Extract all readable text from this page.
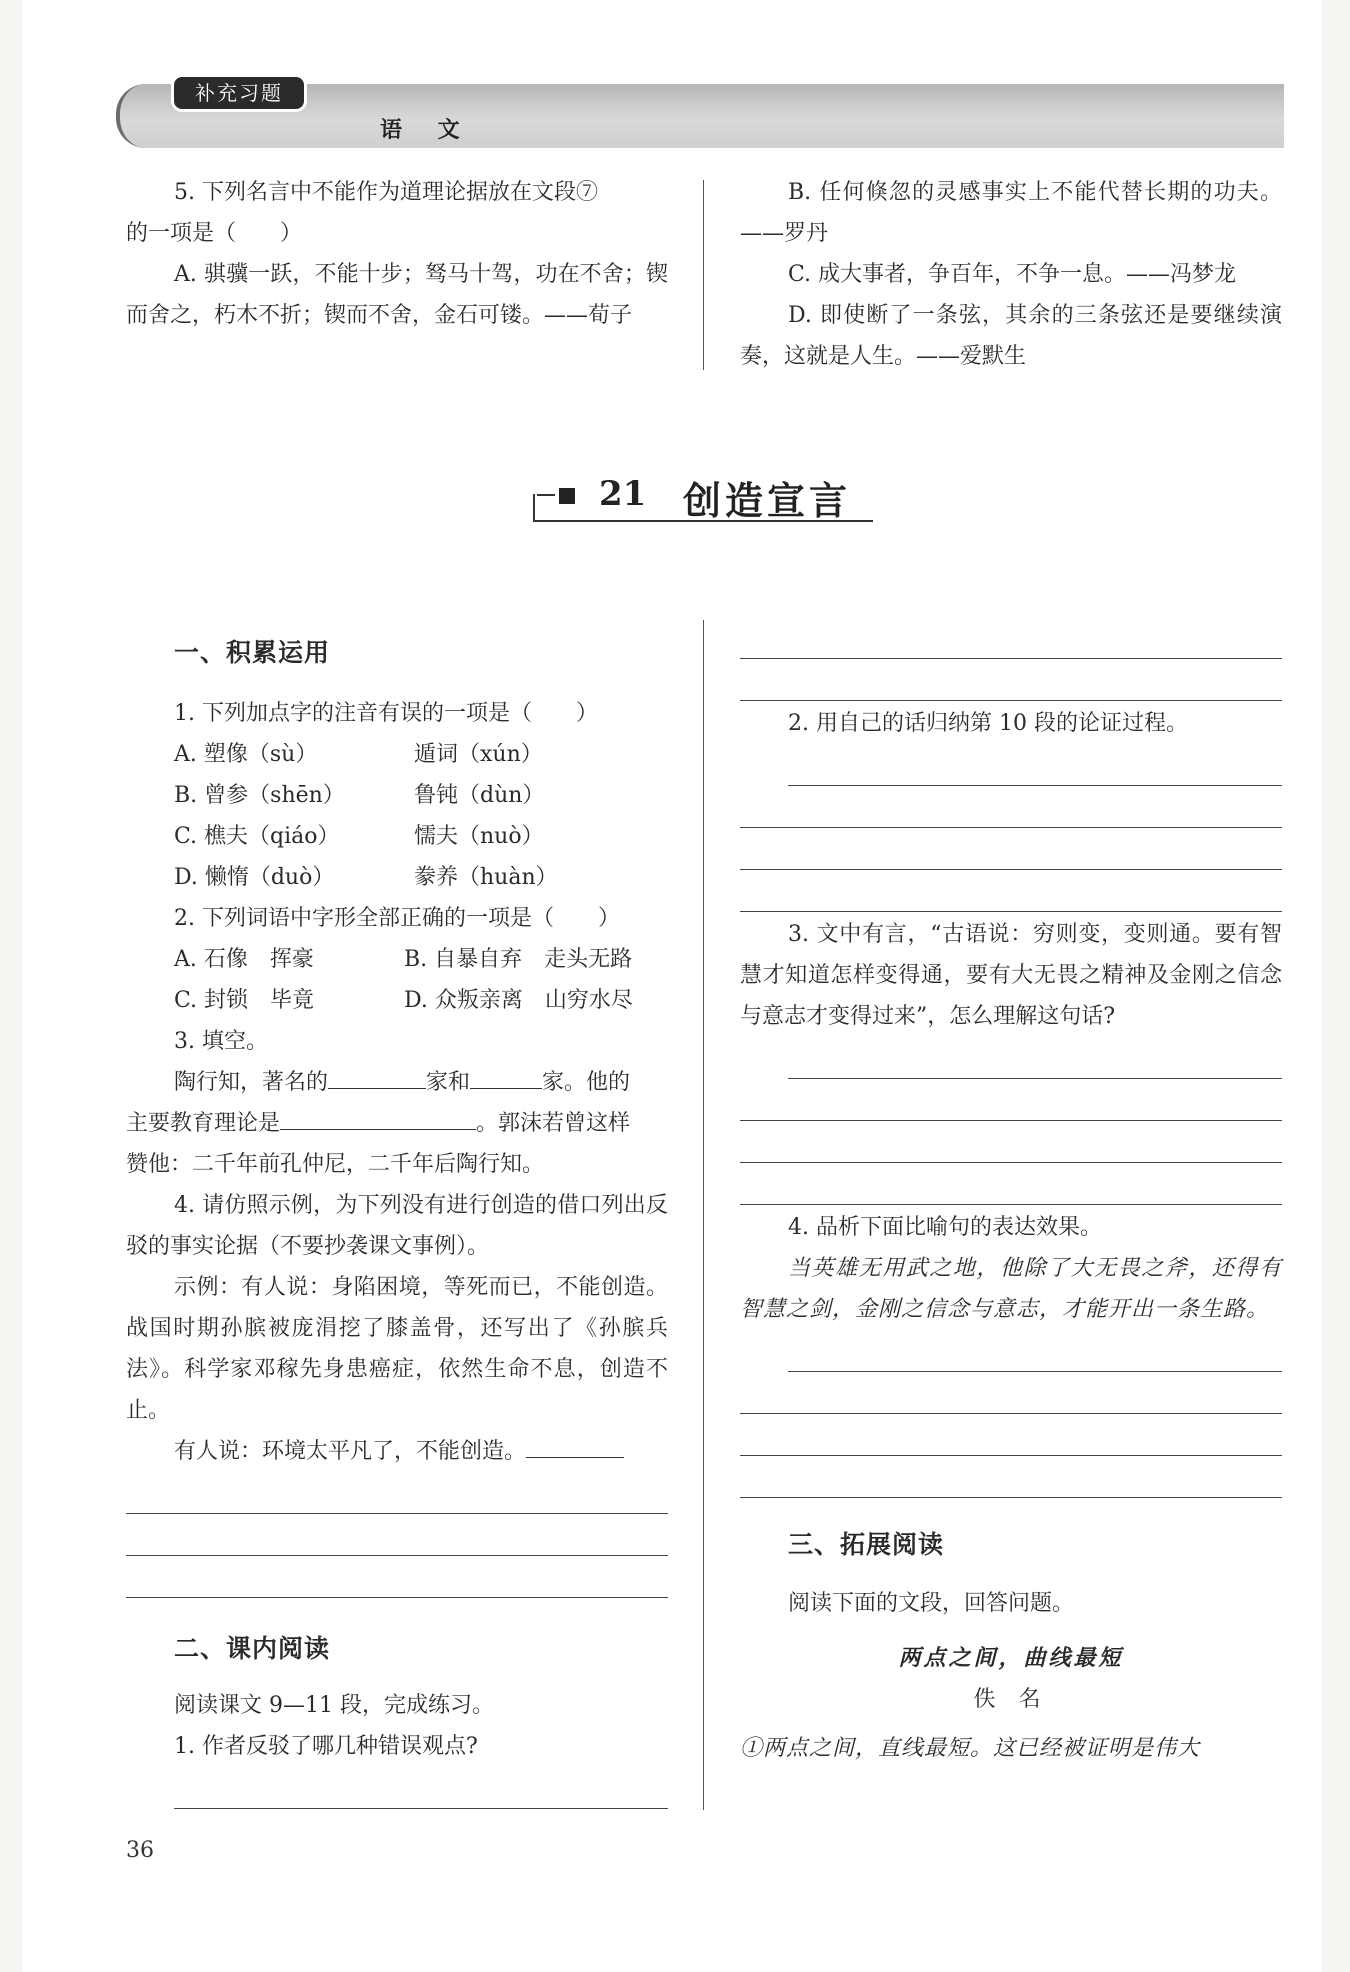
补充习题
语 文

5. 下列名言中不能作为道理论据放在文段⑦

的一项是（　　）

A. 骐骥一跃，不能十步；驽马十驾，功在不舍；锲而舍之，朽木不折；锲而不舍，金石可镂。——荀子

B. 任何倏忽的灵感事实上不能代替长期的功夫。——罗丹

C. 成大事者，争百年，不争一息。——冯梦龙

D. 即使断了一条弦，其余的三条弦还是要继续演奏，这就是人生。——爱默生

21 创造宣言

一、积累运用

1. 下列加点字的注音有误的一项是（　　）

A. 塑像（sù）	遁词（xún）
B. 曾参（shēn）	鲁钝（dùn）
C. 樵夫（qiáo）	懦夫（nuò）
D. 懒惰（duò）	豢养（huàn）

2. 下列词语中字形全部正确的一项是（　　）

A. 石像　挥豪	B. 自暴自弃　走头无路
C. 封锁　毕竟	D. 众叛亲离　山穷水尽

3. 填空。

陶行知，著名的	家和	家。他的

主要教育理论是	。郭沫若曾这样

赞他：二千年前孔仲尼，二千年后陶行知。

4. 请仿照示例，为下列没有进行创造的借口列出反驳的事实论据（不要抄袭课文事例）。

示例：有人说：身陷困境，等死而已，不能创造。战国时期孙膑被庞涓挖了膝盖骨，还写出了《孙膑兵法》。科学家邓稼先身患癌症，依然生命不息，创造不止。

有人说：环境太平凡了，不能创造。

二、课内阅读

阅读课文 9—11 段，完成练习。

1. 作者反驳了哪几种错误观点?

2. 用自己的话归纳第 10 段的论证过程。

3. 文中有言，“古语说：穷则变，变则通。要有智慧才知道怎样变得通，要有大无畏之精神及金刚之信念与意志才变得过来”，怎么理解这句话?

4. 品析下面比喻句的表达效果。

当英雄无用武之地，他除了大无畏之斧，还得有智慧之剑，金刚之信念与意志，才能开出一条生路。

三、拓展阅读

阅读下面的文段，回答问题。

两点之间，曲线最短

佚 名

①两点之间，直线最短。这已经被证明是伟大

36
